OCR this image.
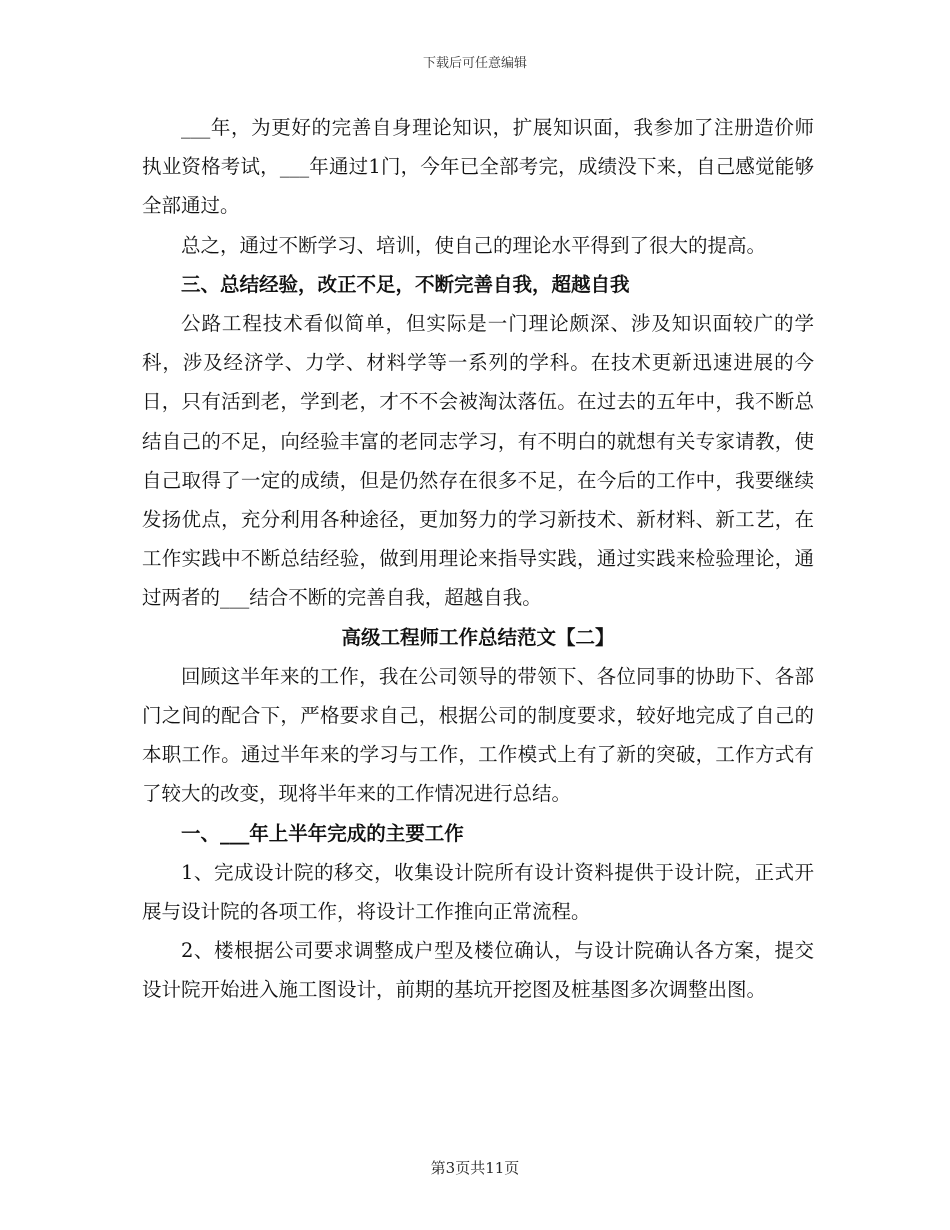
下载后可任意编辑

___年，为更好的完善自身理论知识，扩展知识面，我参加了注册造价师执业资格考试，___年通过1门，今年已全部考完，成绩没下来，自己感觉能够全部通过。

总之，通过不断学习、培训，使自己的理论水平得到了很大的提高。

三、总结经验，改正不足，不断完善自我，超越自我

公路工程技术看似简单，但实际是一门理论颇深、涉及知识面较广的学科，涉及经济学、力学、材料学等一系列的学科。在技术更新迅速进展的今日，只有活到老，学到老，才不不会被淘汰落伍。在过去的五年中，我不断总结自己的不足，向经验丰富的老同志学习，有不明白的就想有关专家请教，使自己取得了一定的成绩，但是仍然存在很多不足，在今后的工作中，我要继续发扬优点，充分利用各种途径，更加努力的学习新技术、新材料、新工艺，在工作实践中不断总结经验，做到用理论来指导实践，通过实践来检验理论，通过两者的___结合不断的完善自我，超越自我。

高级工程师工作总结范文【二】

回顾这半年来的工作，我在公司领导的带领下、各位同事的协助下、各部门之间的配合下，严格要求自己，根据公司的制度要求，较好地完成了自己的本职工作。通过半年来的学习与工作，工作模式上有了新的突破，工作方式有了较大的改变，现将半年来的工作情况进行总结。

一、___年上半年完成的主要工作

1、完成设计院的移交，收集设计院所有设计资料提供于设计院，正式开展与设计院的各项工作，将设计工作推向正常流程。

2、楼根据公司要求调整成户型及楼位确认，与设计院确认各方案，提交设计院开始进入施工图设计，前期的基坑开挖图及桩基图多次调整出图。

第3页共11页
